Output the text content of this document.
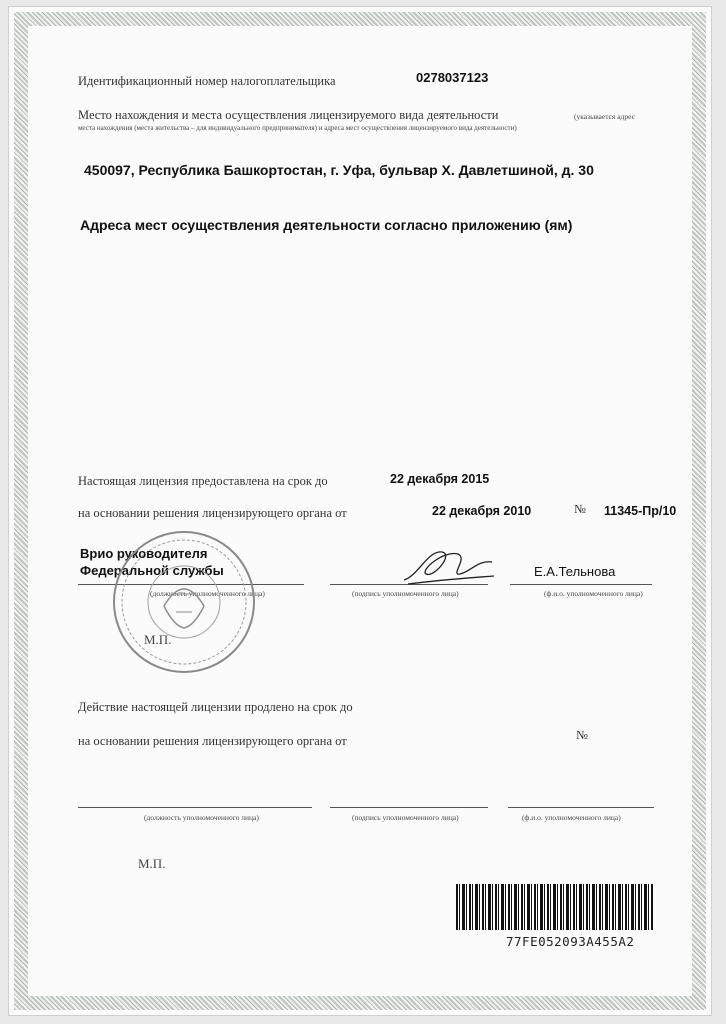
Идентификационный номер налогоплательщика	0278037123
Место нахождения и места осуществления лицензируемого вида деятельности	(указывается адрес
места нахождения (места жительства – для индивидуального предпринимателя) и адреса мест осуществления лицензируемого вида деятельности)
450097, Республика Башкортостан, г. Уфа, бульвар Х. Давлетшиной, д. 30
Адреса мест осуществления деятельности согласно приложению (ям)
Настоящая лицензия предоставлена на срок до	22 декабря 2015
на основании решения лицензирующего органа от	22 декабря 2010	№ 11345-Пр/10
Врио руководителя
Федеральной службы	Е.А.Тельнова
(должность уполномоченного лица)	(подпись уполномоченного лица)	(ф.и.о. уполномоченного лица)
М.П.
Действие настоящей лицензии продлено на срок до
на основании решения лицензирующего органа от	№
(должность уполномоченного лица)	(подпись уполномоченного лица)	(ф.и.о. уполномоченного лица)
М.П.
77FE052093A455A2
